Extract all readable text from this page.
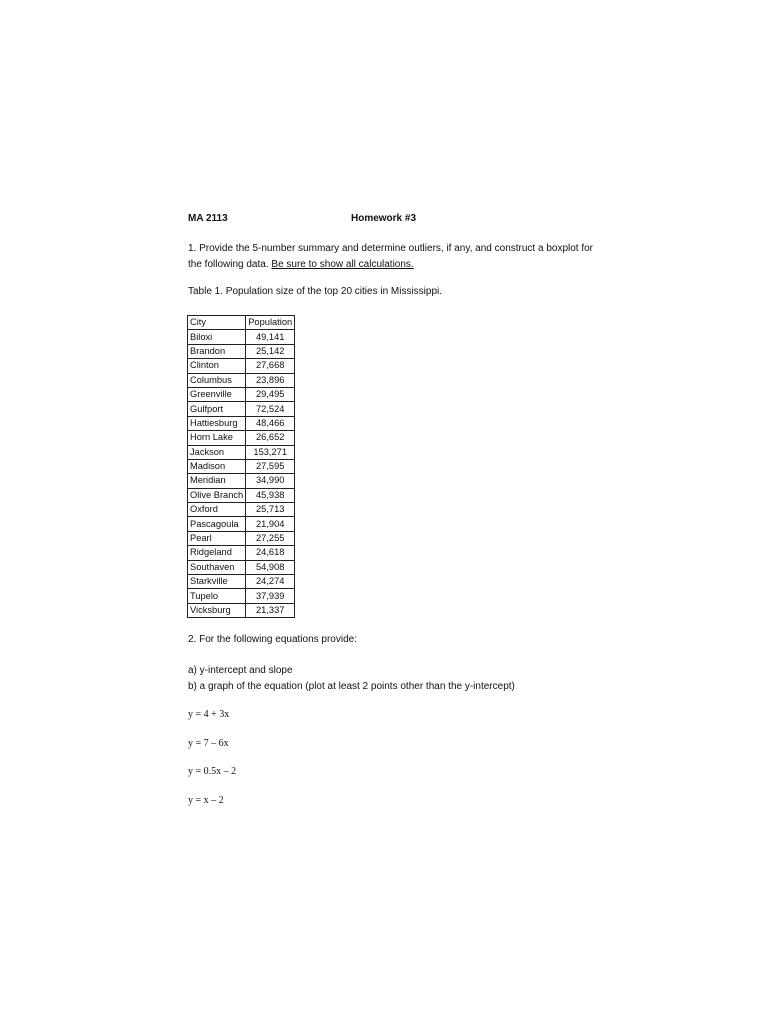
MA 2113	Homework #3
1. Provide the 5-number summary and determine outliers, if any, and construct a boxplot for the following data. Be sure to show all calculations.
Table 1. Population size of the top 20 cities in Mississippi.
City	Population
Biloxi	49,141
Brandon	25,142
Clinton	27,668
Columbus	23,896
Greenville	29,495
Gulfport	72,524
Hattiesburg	48,466
Horn Lake	26,652
Jackson	153,271
Madison	27,595
Meridian	34,990
Olive Branch	45,938
Oxford	25,713
Pascagoula	21,904
Pearl	27,255
Ridgeland	24,618
Southaven	54,908
Starkville	24,274
Tupelo	37,939
Vicksburg	21,337
2. For the following equations provide:
a) y-intercept and slope
b) a graph of the equation (plot at least 2 points other than the y-intercept)
y = 4 + 3x
y = 7 – 6x
y = 0.5x – 2
y = x – 2
